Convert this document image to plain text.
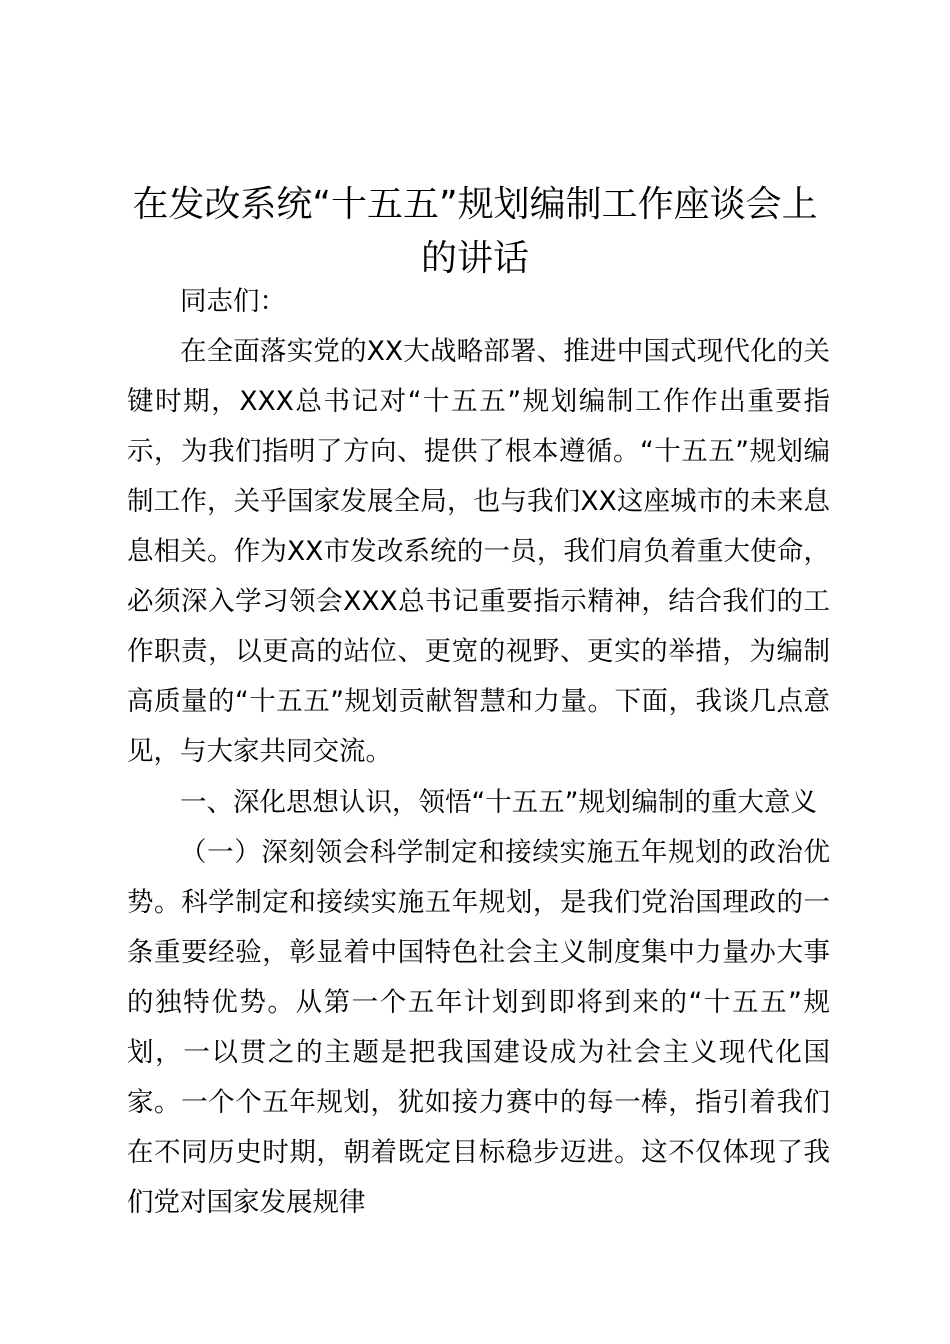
在发改系统“十五五”规划编制工作座谈会上的讲话

同志们：

在全面落实党的XX大战略部署、推进中国式现代化的关键时期，XXX总书记对“十五五”规划编制工作作出重要指示，为我们指明了方向、提供了根本遵循。“十五五”规划编制工作，关乎国家发展全局，也与我们XX这座城市的未来息息相关。作为XX市发改系统的一员，我们肩负着重大使命，必须深入学习领会XXX总书记重要指示精神，结合我们的工作职责，以更高的站位、更宽的视野、更实的举措，为编制高质量的“十五五”规划贡献智慧和力量。下面，我谈几点意见，与大家共同交流。

一、深化思想认识，领悟“十五五”规划编制的重大意义

（一）深刻领会科学制定和接续实施五年规划的政治优势。科学制定和接续实施五年规划，是我们党治国理政的一条重要经验，彰显着中国特色社会主义制度集中力量办大事的独特优势。从第一个五年计划到即将到来的“十五五”规划，一以贯之的主题是把我国建设成为社会主义现代化国家。一个个五年规划，犹如接力赛中的每一棒，指引着我们在不同历史时期，朝着既定目标稳步迈进。这不仅体现了我们党对国家发展规律
